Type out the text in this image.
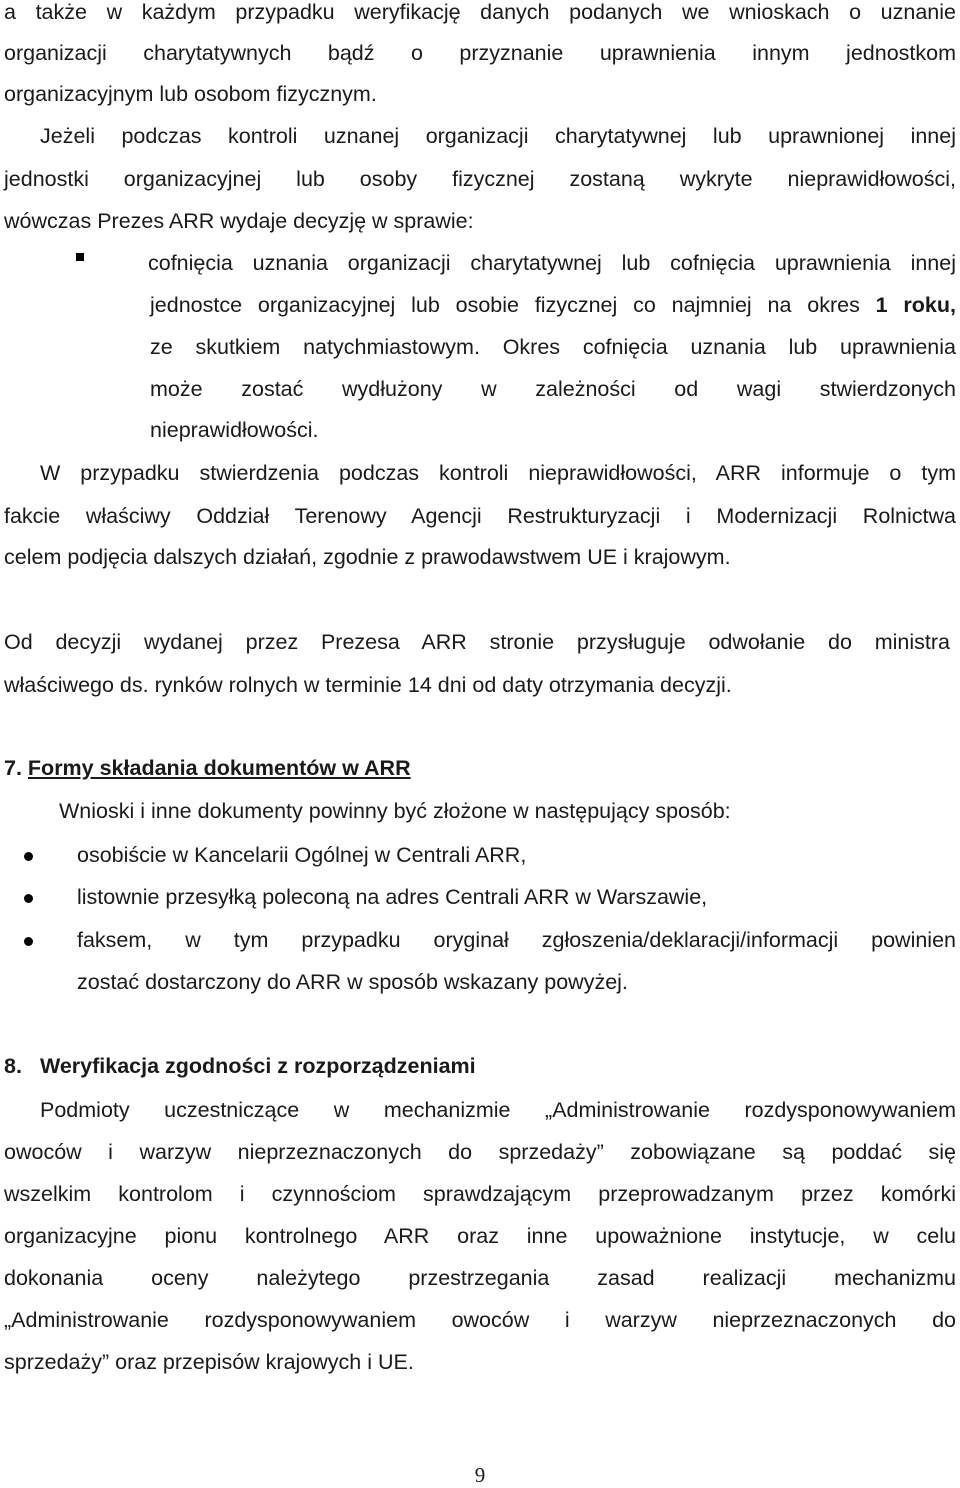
a także w każdym przypadku weryfikację danych podanych we wnioskach o uznanie
organizacji charytatywnych bądź o przyznanie uprawnienia innym jednostkom
organizacyjnym lub osobom fizycznym.
Jeżeli podczas kontroli uznanej organizacji charytatywnej lub uprawnionej innej
jednostki organizacyjnej lub osoby fizycznej zostaną wykryte nieprawidłowości,
wówczas Prezes ARR wydaje decyzję w sprawie:
cofnięcia uznania organizacji charytatywnej lub cofnięcia uprawnienia innej
jednostce organizacyjnej lub osobie fizycznej co najmniej na okres 1 roku,
ze skutkiem natychmiastowym. Okres cofnięcia uznania lub uprawnienia
może zostać wydłużony w zależności od wagi stwierdzonych
nieprawidłowości.
W przypadku stwierdzenia podczas kontroli nieprawidłowości, ARR informuje o tym
fakcie właściwy Oddział Terenowy Agencji Restrukturyzacji i Modernizacji Rolnictwa
celem podjęcia dalszych działań, zgodnie z prawodawstwem UE i krajowym.
Od decyzji wydanej przez Prezesa ARR stronie przysługuje odwołanie do ministra
właściwego ds. rynków rolnych w terminie 14 dni od daty otrzymania decyzji.
7. Formy składania dokumentów w ARR
Wnioski i inne dokumenty powinny być złożone w następujący sposób:
osobiście w Kancelarii Ogólnej w Centrali ARR,
listownie przesyłką poleconą na adres Centrali ARR w Warszawie,
faksem, w tym przypadku oryginał zgłoszenia/deklaracji/informacji powinien
zostać dostarczony do ARR w sposób wskazany powyżej.
8. Weryfikacja zgodności z rozporządzeniami
Podmioty uczestniczące w mechanizmie „Administrowanie rozdysponowywaniem
owoców i warzyw nieprzeznaczonych do sprzedaży” zobowiązane są poddać się
wszelkim kontrolom i czynnościom sprawdzającym przeprowadzanym przez komórki
organizacyjne pionu kontrolnego ARR oraz inne upoważnione instytucje, w celu
dokonania oceny należytego przestrzegania zasad realizacji mechanizmu
„Administrowanie rozdysponowywaniem owoców i warzyw nieprzeznaczonych do
sprzedaży” oraz przepisów krajowych i UE.
9
